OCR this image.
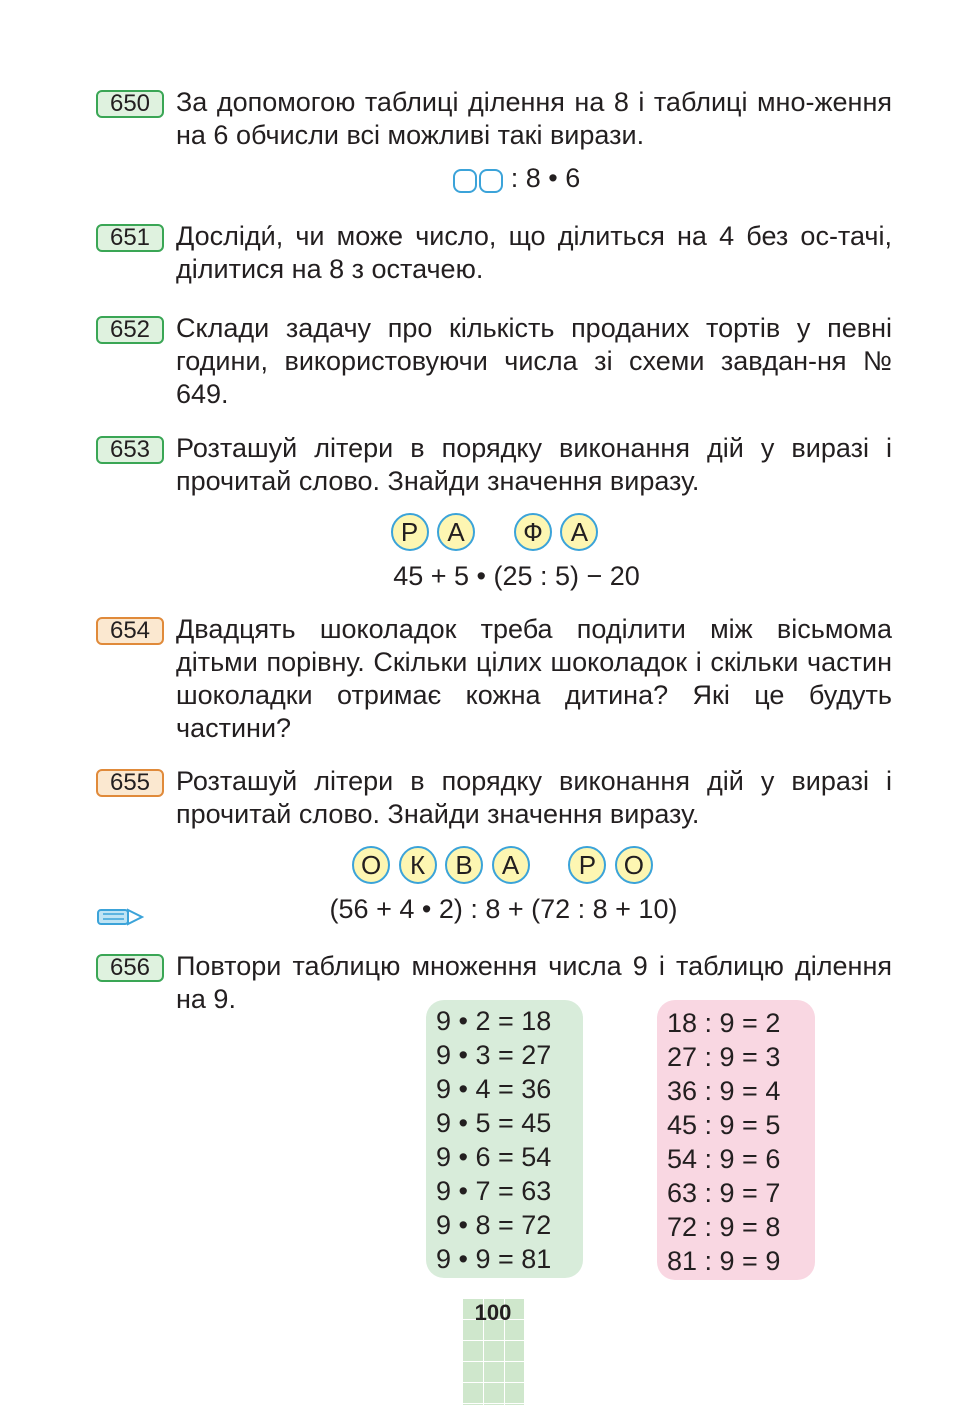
650 За допомогою таблиці ділення на 8 і таблиці мно-ження на 6 обчисли всі можливі такі вирази.
: 8 • 6
651 Досліди́, чи може число, що ділиться на 4 без ос-тачі, ділитися на 8 з остачею.
652 Склади задачу про кількість проданих тортів у певні години, використовуючи числа зі схеми завдан-ня № 649.
653 Розташуй літери в порядку виконання дій у виразі і прочитай слово. Знайди значення виразу.
Р А Ф А
45 + 5 • (25 : 5) − 20
654 Двадцять шоколадок треба поділити між вісьмома дітьми порівну. Скільки цілих шоколадок і скільки частин шоколадки отримає кожна дитина? Які це будуть частини?
655 Розташуй літери в порядку виконання дій у виразі і прочитай слово. Знайди значення виразу.
О К В А Р О
(56 + 4 • 2) : 8 + (72 : 8 + 10)
656 Повтори таблицю множення числа 9 і таблицю ділення на 9.
9 • 2 = 18
9 • 3 = 27
9 • 4 = 36
9 • 5 = 45
9 • 6 = 54
9 • 7 = 63
9 • 8 = 72
9 • 9 = 81
18 : 9 = 2
27 : 9 = 3
36 : 9 = 4
45 : 9 = 5
54 : 9 = 6
63 : 9 = 7
72 : 9 = 8
81 : 9 = 9
100
